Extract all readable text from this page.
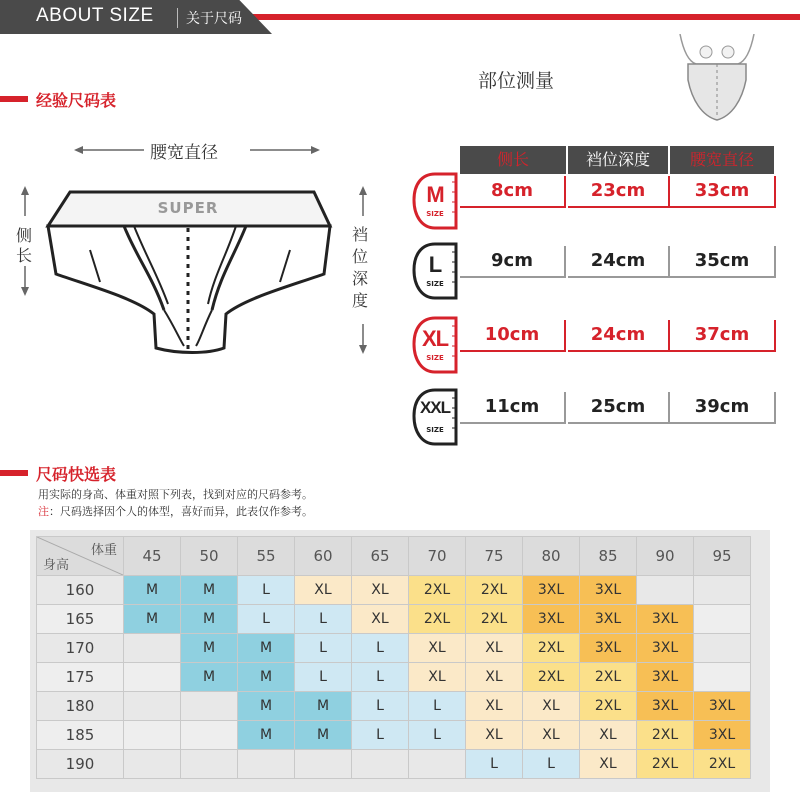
ABOUT SIZE 关于尺码
经验尺码表
部位测量
腰宽直径
侧
长
裆
位
深
度
SUPER
侧长	裆位深度	腰宽直径
M
SIZE
8cm	23cm	33cm
L
SIZE
9cm	24cm	35cm
XL
SIZE
10cm	24cm	37cm
XXL
SIZE
11cm	25cm	39cm
尺码快选表
用实际的身高、体重对照下列表，找到对应的尺码参考。
注：尺码选择因个人的体型，喜好而异，此表仅作参考。
体重
身高	45	50	55	60	65	70	75	80	85	90	95
160	M	M	L	XL	XL	2XL	2XL	3XL	3XL		
165	M	M	L	L	XL	2XL	2XL	3XL	3XL	3XL	
170		M	M	L	L	XL	XL	2XL	3XL	3XL	
175		M	M	L	L	XL	XL	2XL	2XL	3XL	
180			M	M	L	L	XL	XL	2XL	3XL	3XL
185			M	M	L	L	XL	XL	XL	2XL	3XL
190							L	L	XL	2XL	2XL
